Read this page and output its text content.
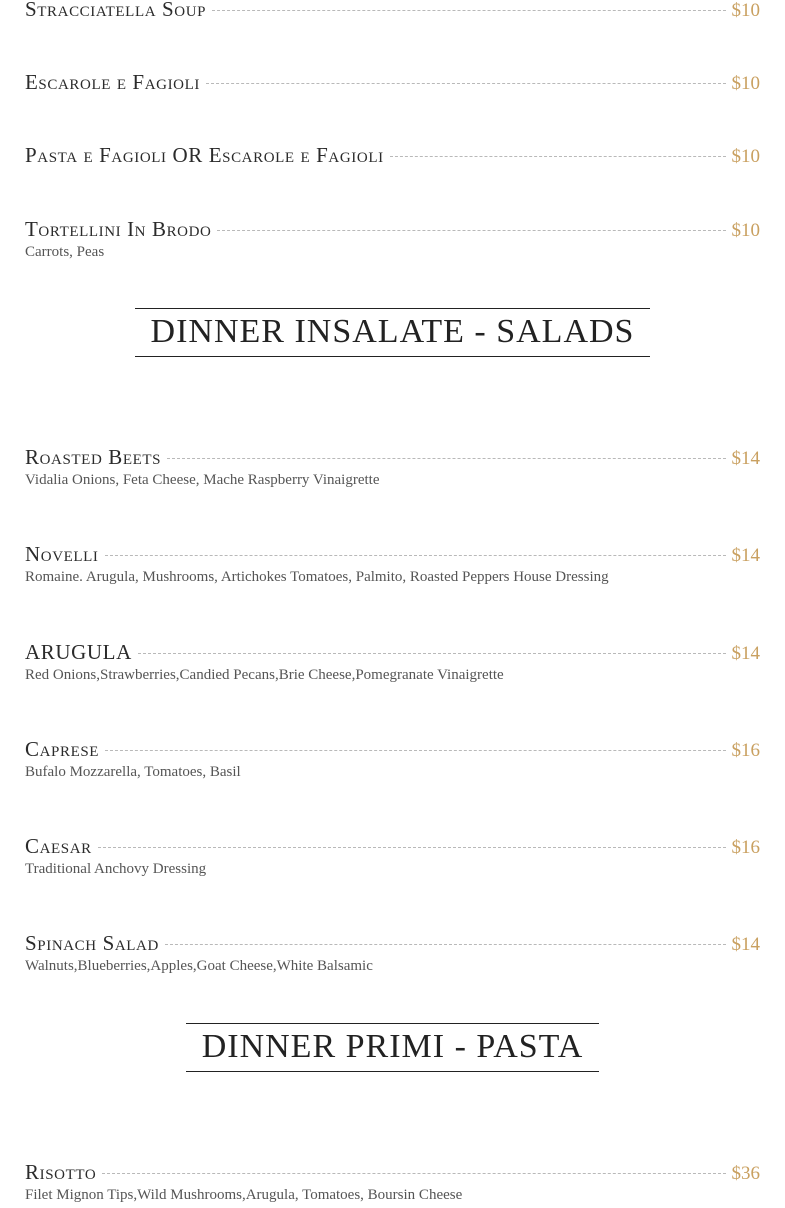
Stracciatella Soup	$10
Escarole e Fagioli	$10
Pasta e Fagioli OR Escarole e Fagioli	$10
Tortellini In Brodo	$10
Carrots, Peas
DINNER INSALATE - SALADS
Roasted Beets	$14
Vidalia Onions, Feta Cheese, Mache Raspberry Vinaigrette
Novelli	$14
Romaine. Arugula, Mushrooms, Artichokes Tomatoes, Palmito, Roasted Peppers House Dressing
ARUGULA	$14
Red Onions,Strawberries,Candied Pecans,Brie Cheese,Pomegranate Vinaigrette
Caprese	$16
Bufalo Mozzarella, Tomatoes, Basil
Caesar	$16
Traditional Anchovy Dressing
Spinach Salad	$14
Walnuts,Blueberries,Apples,Goat Cheese,White Balsamic
DINNER PRIMI - PASTA
Risotto	$36
Filet Mignon Tips,Wild Mushrooms,Arugula, Tomatoes, Boursin Cheese
